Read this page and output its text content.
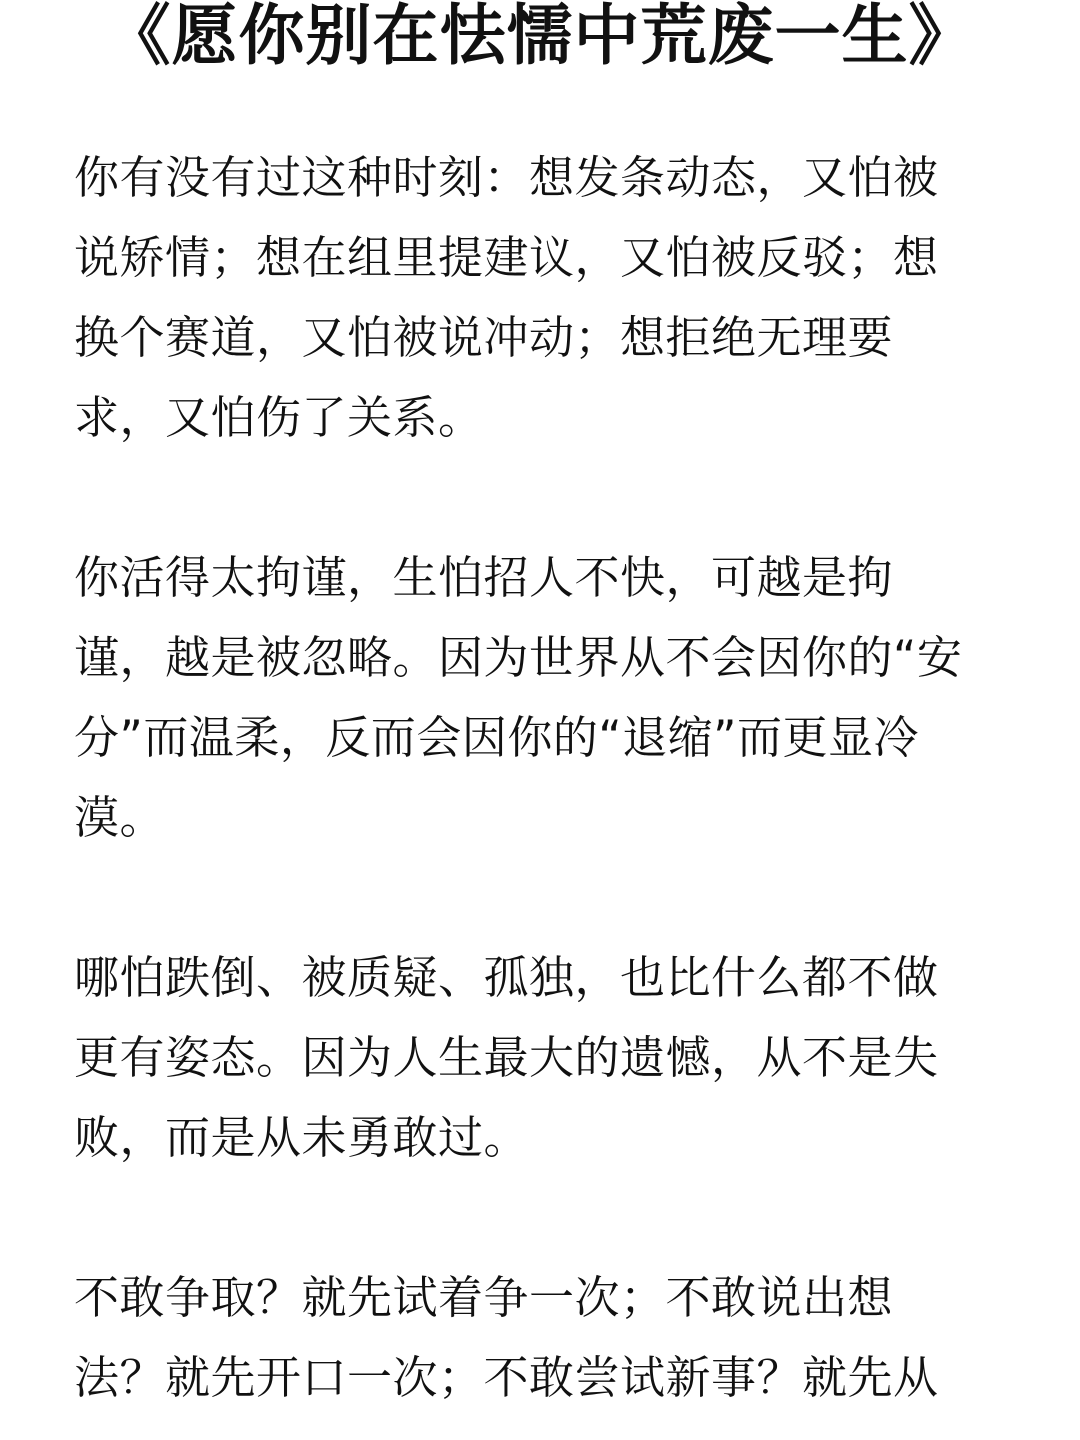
《愿你别在怯懦中荒废一生》
你有没有过这种时刻：想发条动态，又怕被
说矫情；想在组里提建议，又怕被反驳；想
换个赛道，又怕被说冲动；想拒绝无理要
求，又怕伤了关系。
你活得太拘谨，生怕招人不快，可越是拘
谨，越是被忽略。因为世界从不会因你的“安
分”而温柔，反而会因你的“退缩”而更显冷
漠。
哪怕跌倒、被质疑、孤独，也比什么都不做
更有姿态。因为人生最大的遗憾，从不是失
败，而是从未勇敢过。
不敢争取？就先试着争一次；不敢说出想
法？就先开口一次；不敢尝试新事？就先从
